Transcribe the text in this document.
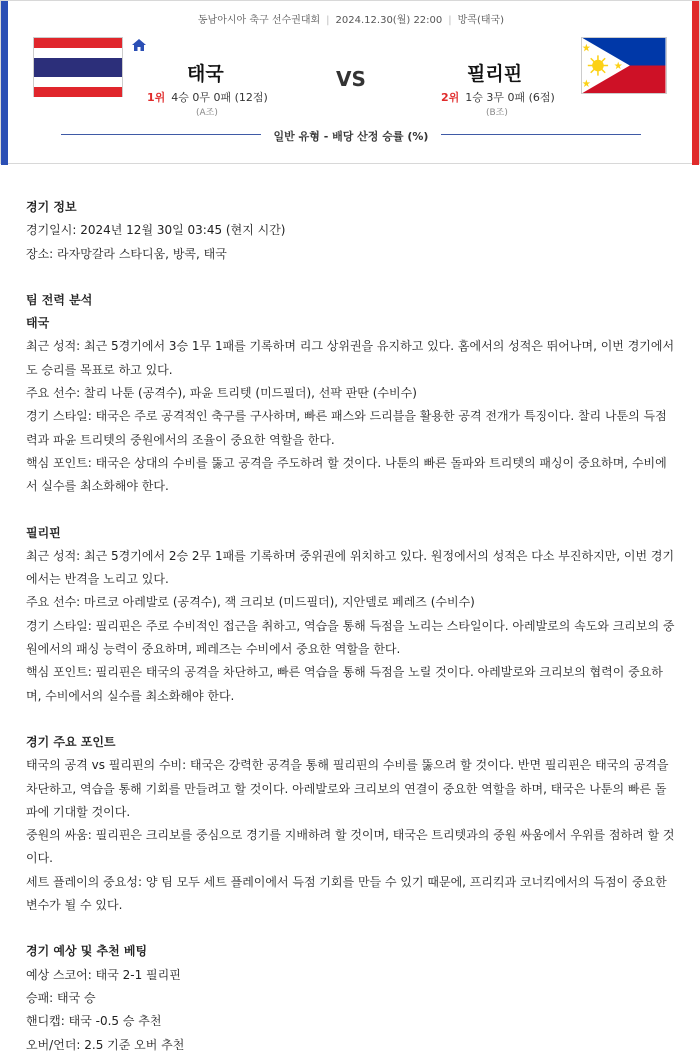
동남아시아 축구 선수권대회 | 2024.12.30(월) 22:00 | 방콕(태국)
태국	VS	필리핀
1위 4승 0무 0패 (12점)
(A조)
2위 1승 3무 0패 (6점)
(B조)
일반 유형 - 배당 산정 승률 (%)

경기 정보

경기일시: 2024년 12월 30일 03:45 (현지 시간)

장소: 라자망갈라 스타디움, 방콕, 태국

팀 전력 분석

태국

최근 성적: 최근 5경기에서 3승 1무 1패를 기록하며 리그 상위권을 유지하고 있다. 홈에서의 성적은 뛰어나며, 이번 경기에서도 승리를 목표로 하고 있다.

주요 선수: 찰리 나툰 (공격수), 파윤 트리텟 (미드필더), 선팍 판딴 (수비수)

경기 스타일: 태국은 주로 공격적인 축구를 구사하며, 빠른 패스와 드리블을 활용한 공격 전개가 특징이다. 찰리 나툰의 득점력과 파윤 트리텟의 중원에서의 조율이 중요한 역할을 한다.

핵심 포인트: 태국은 상대의 수비를 뚫고 공격을 주도하려 할 것이다. 나툰의 빠른 돌파와 트리텟의 패싱이 중요하며, 수비에서 실수를 최소화해야 한다.

필리핀

최근 성적: 최근 5경기에서 2승 2무 1패를 기록하며 중위권에 위치하고 있다. 원정에서의 성적은 다소 부진하지만, 이번 경기에서는 반격을 노리고 있다.

주요 선수: 마르코 아레발로 (공격수), 잭 크리보 (미드필더), 지안델로 페레즈 (수비수)

경기 스타일: 필리핀은 주로 수비적인 접근을 취하고, 역습을 통해 득점을 노리는 스타일이다. 아레발로의 속도와 크리보의 중원에서의 패싱 능력이 중요하며, 페레즈는 수비에서 중요한 역할을 한다.

핵심 포인트: 필리핀은 태국의 공격을 차단하고, 빠른 역습을 통해 득점을 노릴 것이다. 아레발로와 크리보의 협력이 중요하며, 수비에서의 실수를 최소화해야 한다.

경기 주요 포인트

태국의 공격 vs 필리핀의 수비: 태국은 강력한 공격을 통해 필리핀의 수비를 뚫으려 할 것이다. 반면 필리핀은 태국의 공격을 차단하고, 역습을 통해 기회를 만들려고 할 것이다. 아레발로와 크리보의 연결이 중요한 역할을 하며, 태국은 나툰의 빠른 돌파에 기대할 것이다.

중원의 싸움: 필리핀은 크리보를 중심으로 경기를 지배하려 할 것이며, 태국은 트리텟과의 중원 싸움에서 우위를 점하려 할 것이다.

세트 플레이의 중요성: 양 팀 모두 세트 플레이에서 득점 기회를 만들 수 있기 때문에, 프리킥과 코너킥에서의 득점이 중요한 변수가 될 수 있다.

경기 예상 및 추천 베팅

예상 스코어: 태국 2-1 필리핀

승패: 태국 승

핸디캡: 태국 -0.5 승 추천

오버/언더: 2.5 기준 오버 추천
